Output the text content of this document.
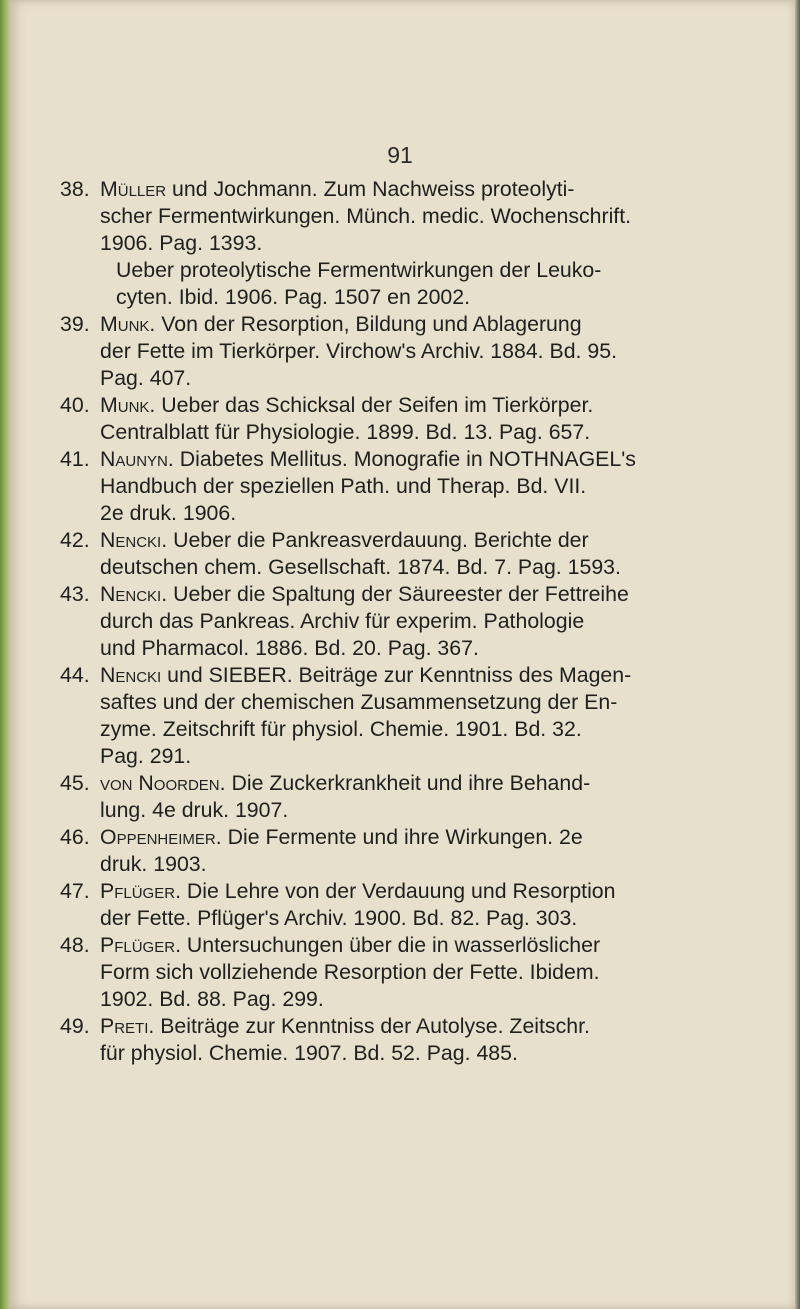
91
38. Müller und Jochmann. Zum Nachweiss proteolyti-
scher Fermentwirkungen. Münch. medic. Wochenschrift.
1906. Pag. 1393.
Ueber proteolytische Fermentwirkungen der Leuko-
cyten. Ibid. 1906. Pag. 1507 en 2002.
39. Munk. Von der Resorption, Bildung und Ablagerung
der Fette im Tierkörper. Virchow's Archiv. 1884. Bd. 95.
Pag. 407.
40. Munk. Ueber das Schicksal der Seifen im Tierkörper.
Centralblatt für Physiologie. 1899. Bd. 13. Pag. 657.
41. Naunyn. Diabetes Mellitus. Monografie in NOTHNAGEL's
Handbuch der speziellen Path. und Therap. Bd. VII.
2e druk. 1906.
42. Nencki. Ueber die Pankreasverdauung. Berichte der
deutschen chem. Gesellschaft. 1874. Bd. 7. Pag. 1593.
43. Nencki. Ueber die Spaltung der Säureester der Fettreihe
durch das Pankreas. Archiv für experim. Pathologie
und Pharmacol. 1886. Bd. 20. Pag. 367.
44. Nencki und SIEBER. Beiträge zur Kenntniss des Magen-
saftes und der chemischen Zusammensetzung der En-
zyme. Zeitschrift für physiol. Chemie. 1901. Bd. 32.
Pag. 291.
45. von Noorden. Die Zuckerkrankheit und ihre Behand-
lung. 4e druk. 1907.
46. Oppenheimer. Die Fermente und ihre Wirkungen. 2e
druk. 1903.
47. Pflüger. Die Lehre von der Verdauung und Resorption
der Fette. Pflüger's Archiv. 1900. Bd. 82. Pag. 303.
48. Pflüger. Untersuchungen über die in wasserlöslicher
Form sich vollziehende Resorption der Fette. Ibidem.
1902. Bd. 88. Pag. 299.
49. Preti. Beiträge zur Kenntniss der Autolyse. Zeitschr.
für physiol. Chemie. 1907. Bd. 52. Pag. 485.
